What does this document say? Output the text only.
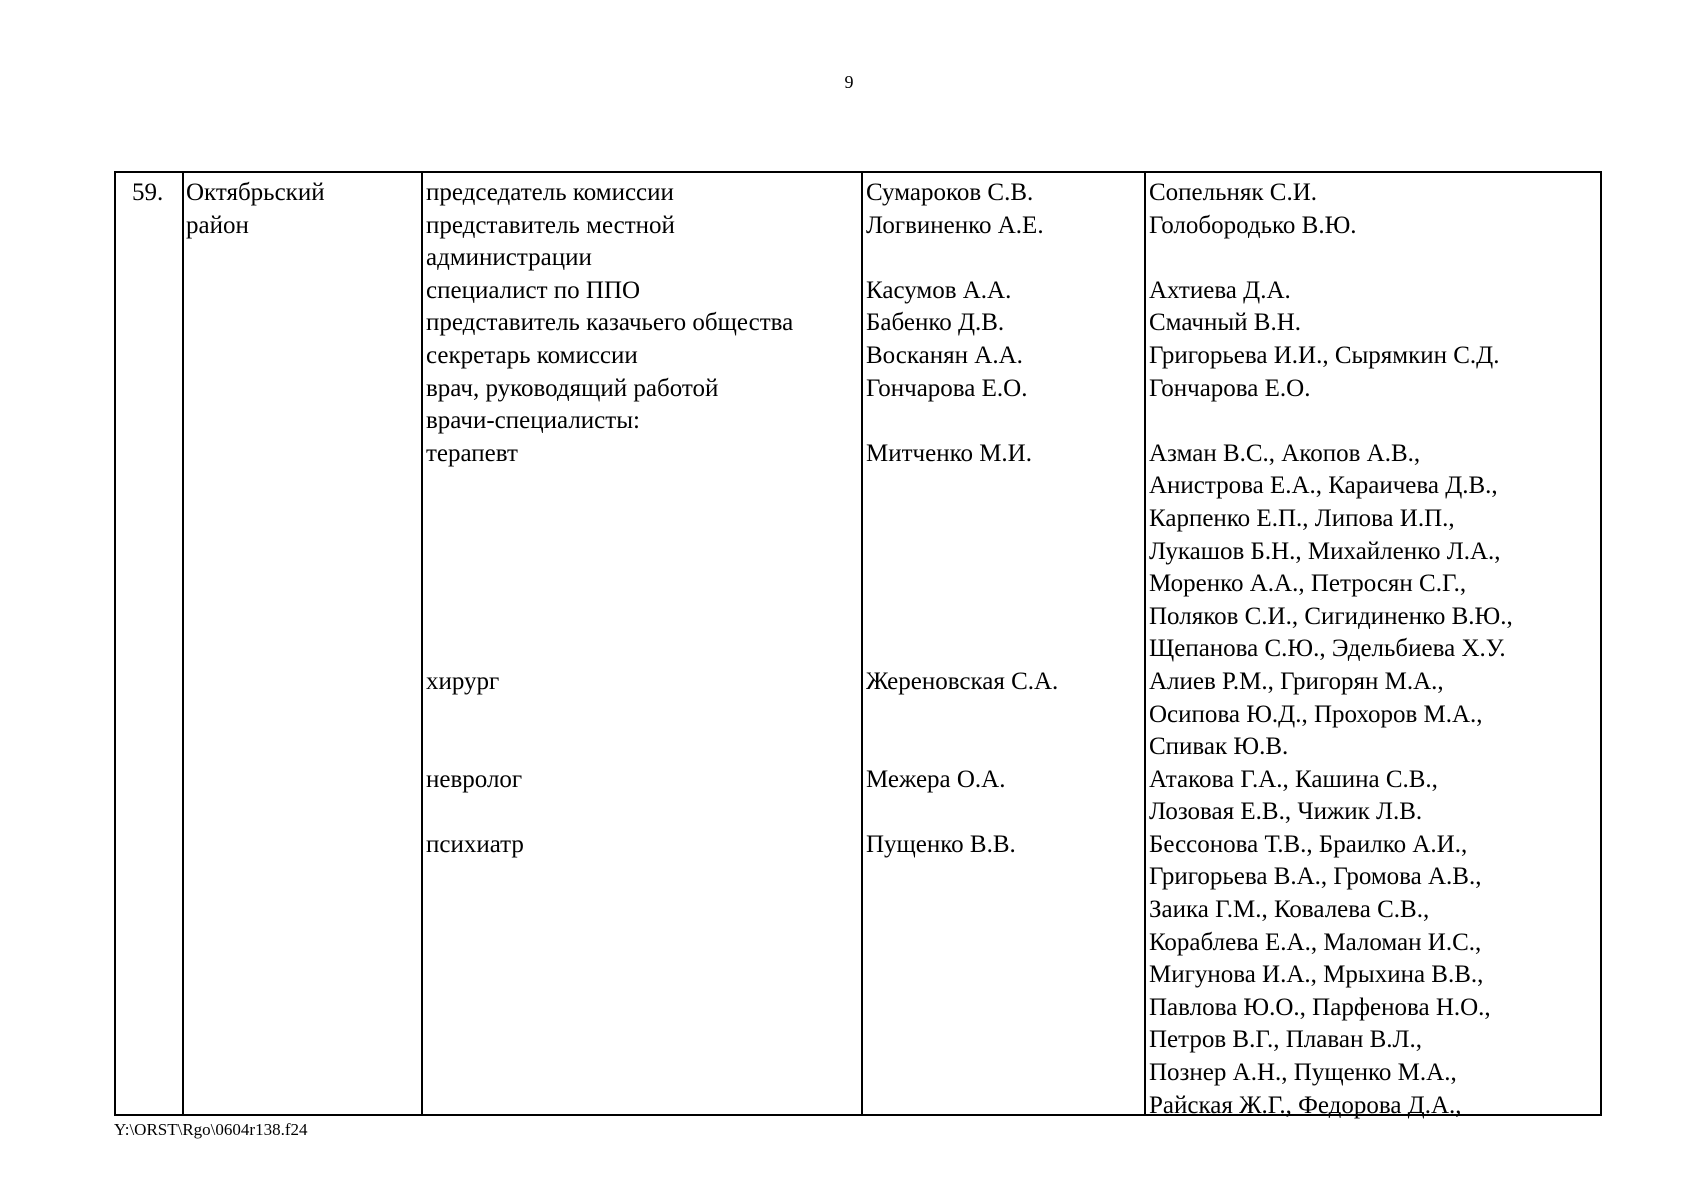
9
59. Октябрьский
район
председатель комиссии
представитель местной
администрации
специалист по ППО
представитель казачьего общества
секретарь комиссии
врач, руководящий работой
врачи-специалисты:
терапевт
хирург
невролог
психиатр
Сумароков С.В.
Логвиненко А.Е.
Касумов А.А.
Бабенко Д.В.
Восканян А.А.
Гончарова Е.О.
Митченко М.И.
Жереновская С.А.
Межера О.А.
Пущенко В.В.
Сопельняк С.И.
Голобородько В.Ю.
Ахтиева Д.А.
Смачный В.Н.
Григорьева И.И., Сырямкин С.Д.
Гончарова Е.О.
Азман В.С., Акопов А.В.,
Анистрова Е.А., Караичева Д.В.,
Карпенко Е.П., Липова И.П.,
Лукашов Б.Н., Михайленко Л.А.,
Моренко А.А., Петросян С.Г.,
Поляков С.И., Сигидиненко В.Ю.,
Щепанова С.Ю., Эдельбиева Х.У.
Алиев Р.М., Григорян М.А.,
Осипова Ю.Д., Прохоров М.А.,
Спивак Ю.В.
Атакова Г.А., Кашина С.В.,
Лозовая Е.В., Чижик Л.В.
Бессонова Т.В., Браилко А.И.,
Григорьева В.А., Громова А.В.,
Заика Г.М., Ковалева С.В.,
Кораблева Е.А., Маломан И.С.,
Мигунова И.А., Мрыхина В.В.,
Павлова Ю.О., Парфенова Н.О.,
Петров В.Г., Плаван В.Л.,
Познер А.Н., Пущенко М.А.,
Райская Ж.Г., Федорова Д.А.,
Y:\ORST\Rgo\0604r138.f24
